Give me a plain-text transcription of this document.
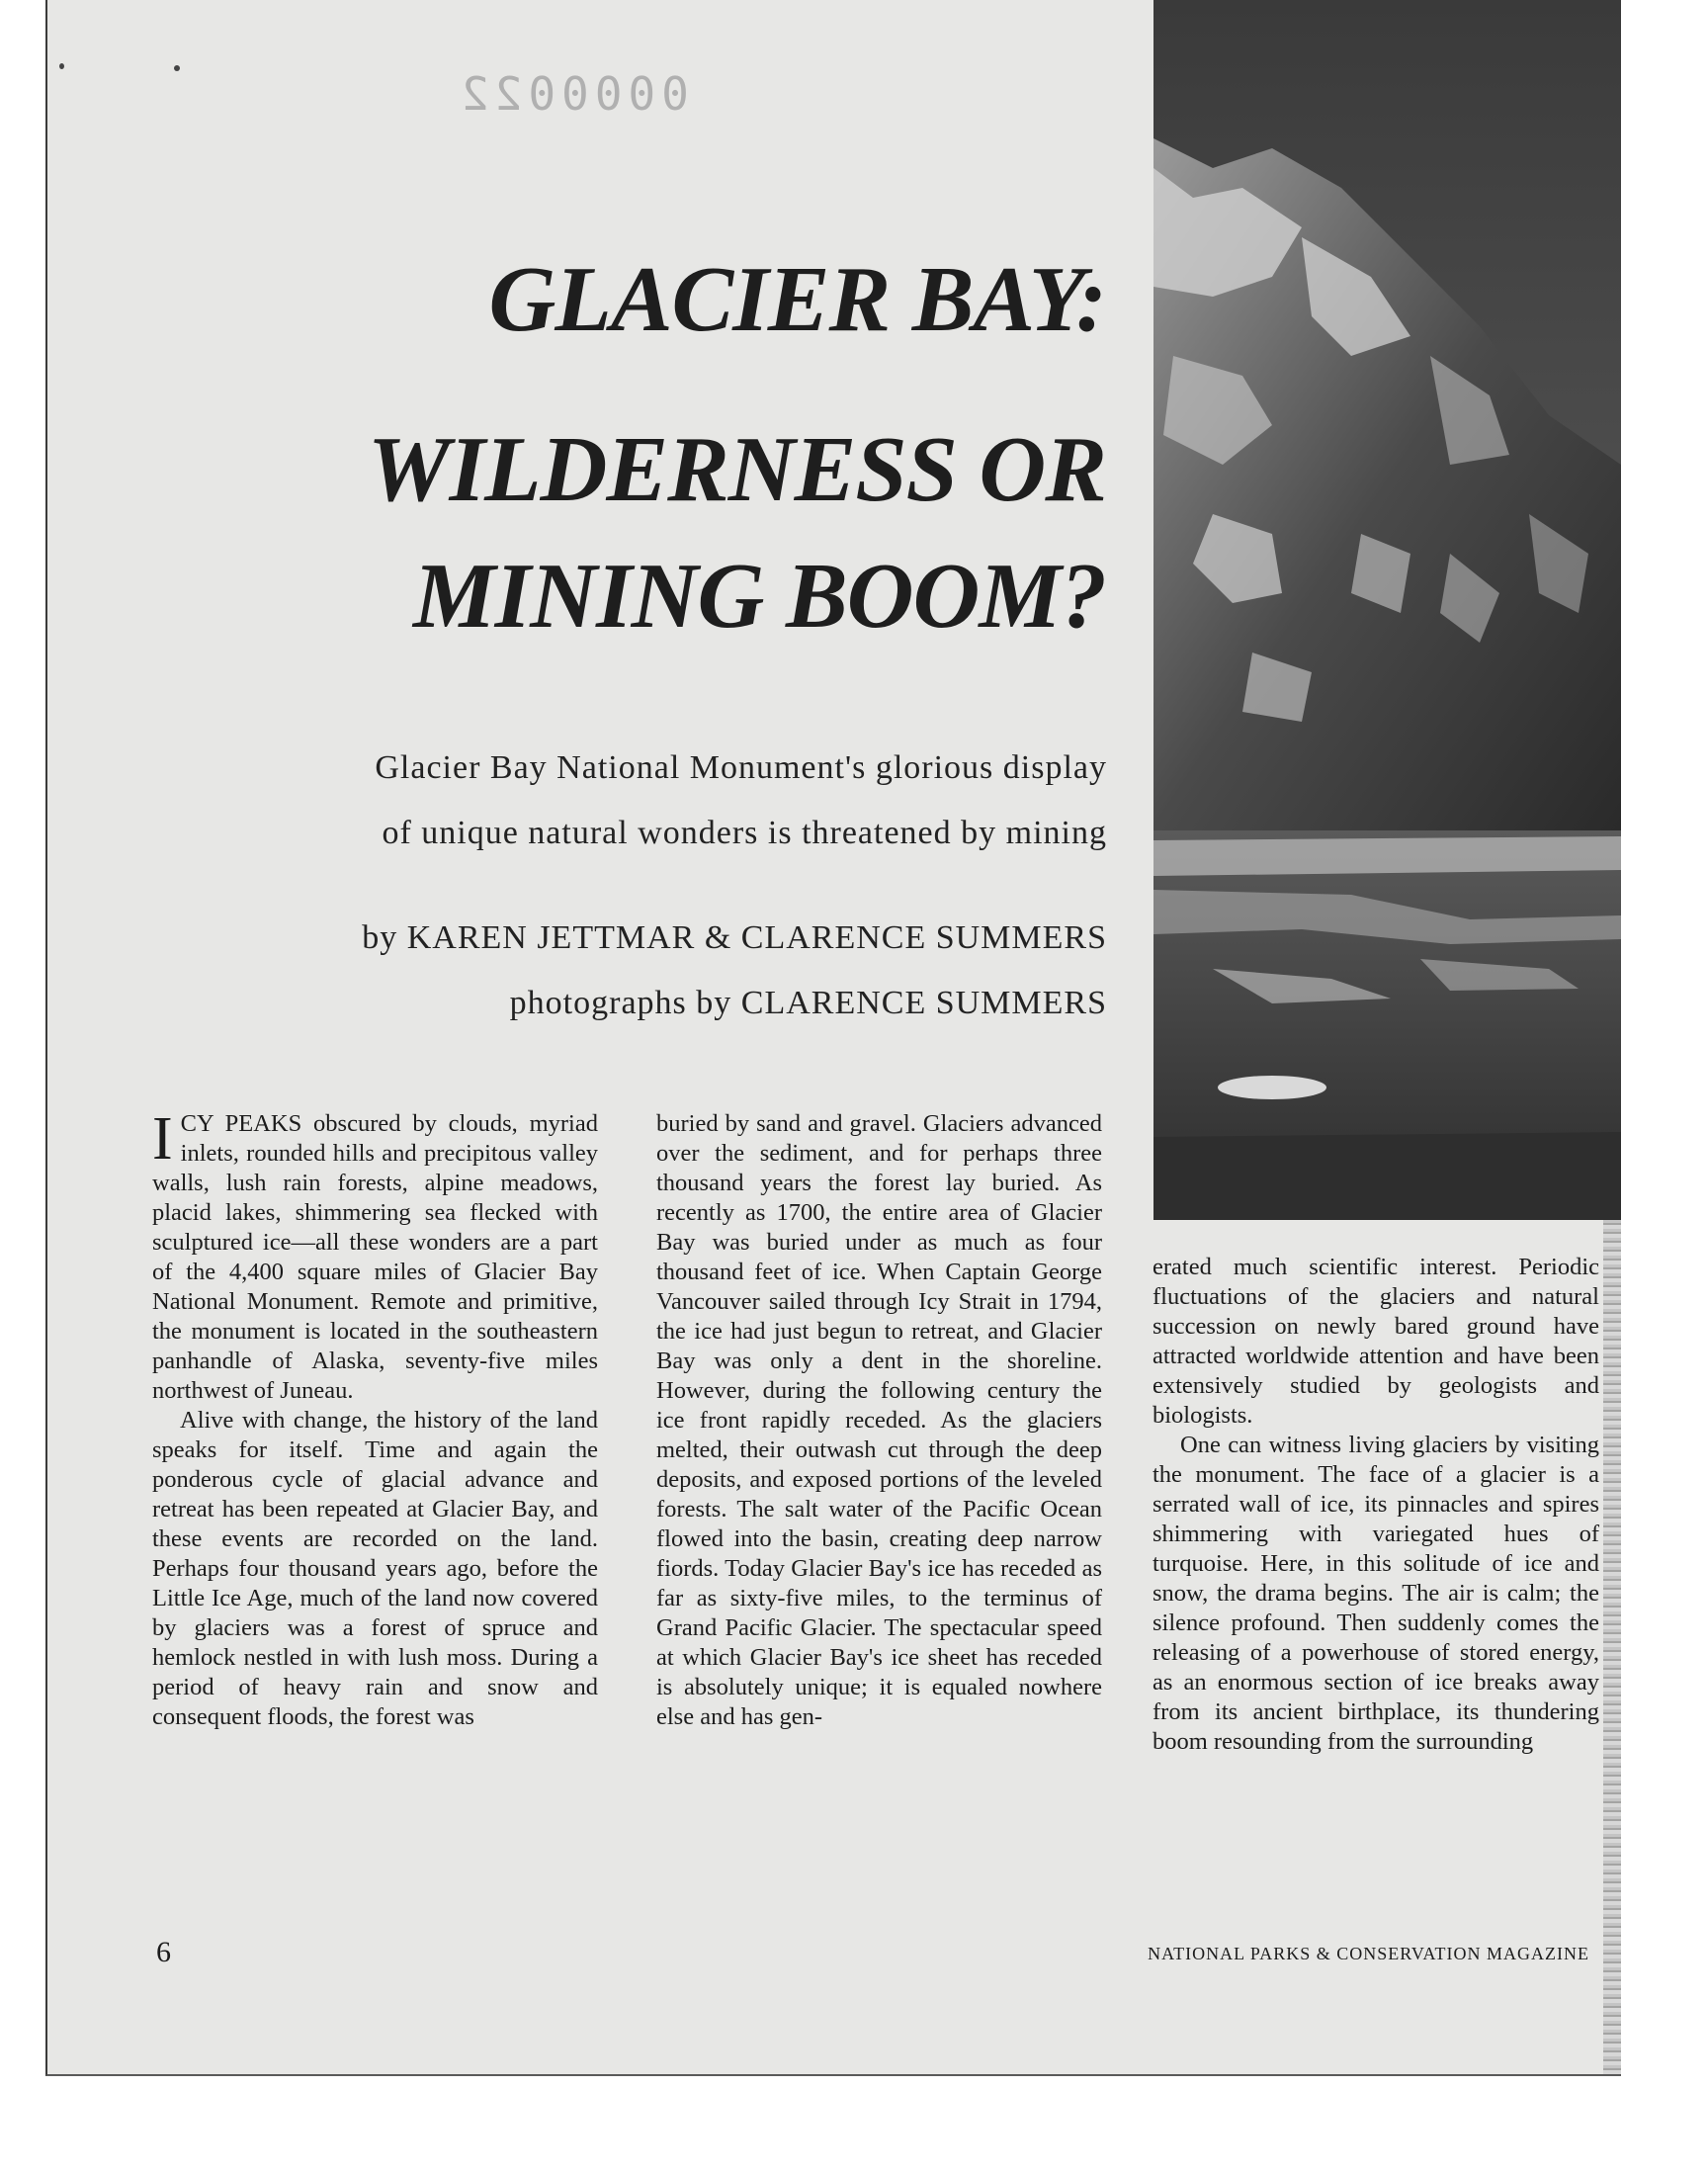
0000022
GLACIER BAY:
WILDERNESS OR
MINING BOOM?

Glacier Bay National Monument's glorious display

of unique natural wonders is threatened by mining

by KAREN JETTMAR & CLARENCE SUMMERS

photographs by CLARENCE SUMMERS

ICY PEAKS obscured by clouds, myriad inlets, rounded hills and precipitous valley walls, lush rain forests, alpine meadows, placid lakes, shimmering sea flecked with sculptured ice—all these wonders are a part of the 4,400 square miles of Glacier Bay National Monument. Remote and primitive, the monument is located in the southeastern panhandle of Alaska, seventy-five miles northwest of Juneau.

Alive with change, the history of the land speaks for itself. Time and again the ponderous cycle of glacial advance and retreat has been repeated at Glacier Bay, and these events are recorded on the land. Perhaps four thousand years ago, before the Little Ice Age, much of the land now covered by glaciers was a forest of spruce and hemlock nestled in with lush moss. During a period of heavy rain and snow and consequent floods, the forest was

buried by sand and gravel. Glaciers advanced over the sediment, and for perhaps three thousand years the forest lay buried. As recently as 1700, the entire area of Glacier Bay was buried under as much as four thousand feet of ice. When Captain George Vancouver sailed through Icy Strait in 1794, the ice had just begun to retreat, and Glacier Bay was only a dent in the shoreline. However, during the following century the ice front rapidly receded. As the glaciers melted, their outwash cut through the deep deposits, and exposed portions of the leveled forests. The salt water of the Pacific Ocean flowed into the basin, creating deep narrow fiords. Today Glacier Bay's ice has receded as far as sixty-five miles, to the terminus of Grand Pacific Glacier. The spectacular speed at which Glacier Bay's ice sheet has receded is absolutely unique; it is equaled nowhere else and has gen-

erated much scientific interest. Periodic fluctuations of the glaciers and natural succession on newly bared ground have attracted worldwide attention and have been extensively studied by geologists and biologists.

One can witness living glaciers by visiting the monument. The face of a glacier is a serrated wall of ice, its pinnacles and spires shimmering with variegated hues of turquoise. Here, in this solitude of ice and snow, the drama begins. The air is calm; the silence profound. Then suddenly comes the releasing of a powerhouse of stored energy, as an enormous section of ice breaks away from its ancient birthplace, its thundering boom resounding from the surrounding

6	NATIONAL PARKS & CONSERVATION MAGAZINE
